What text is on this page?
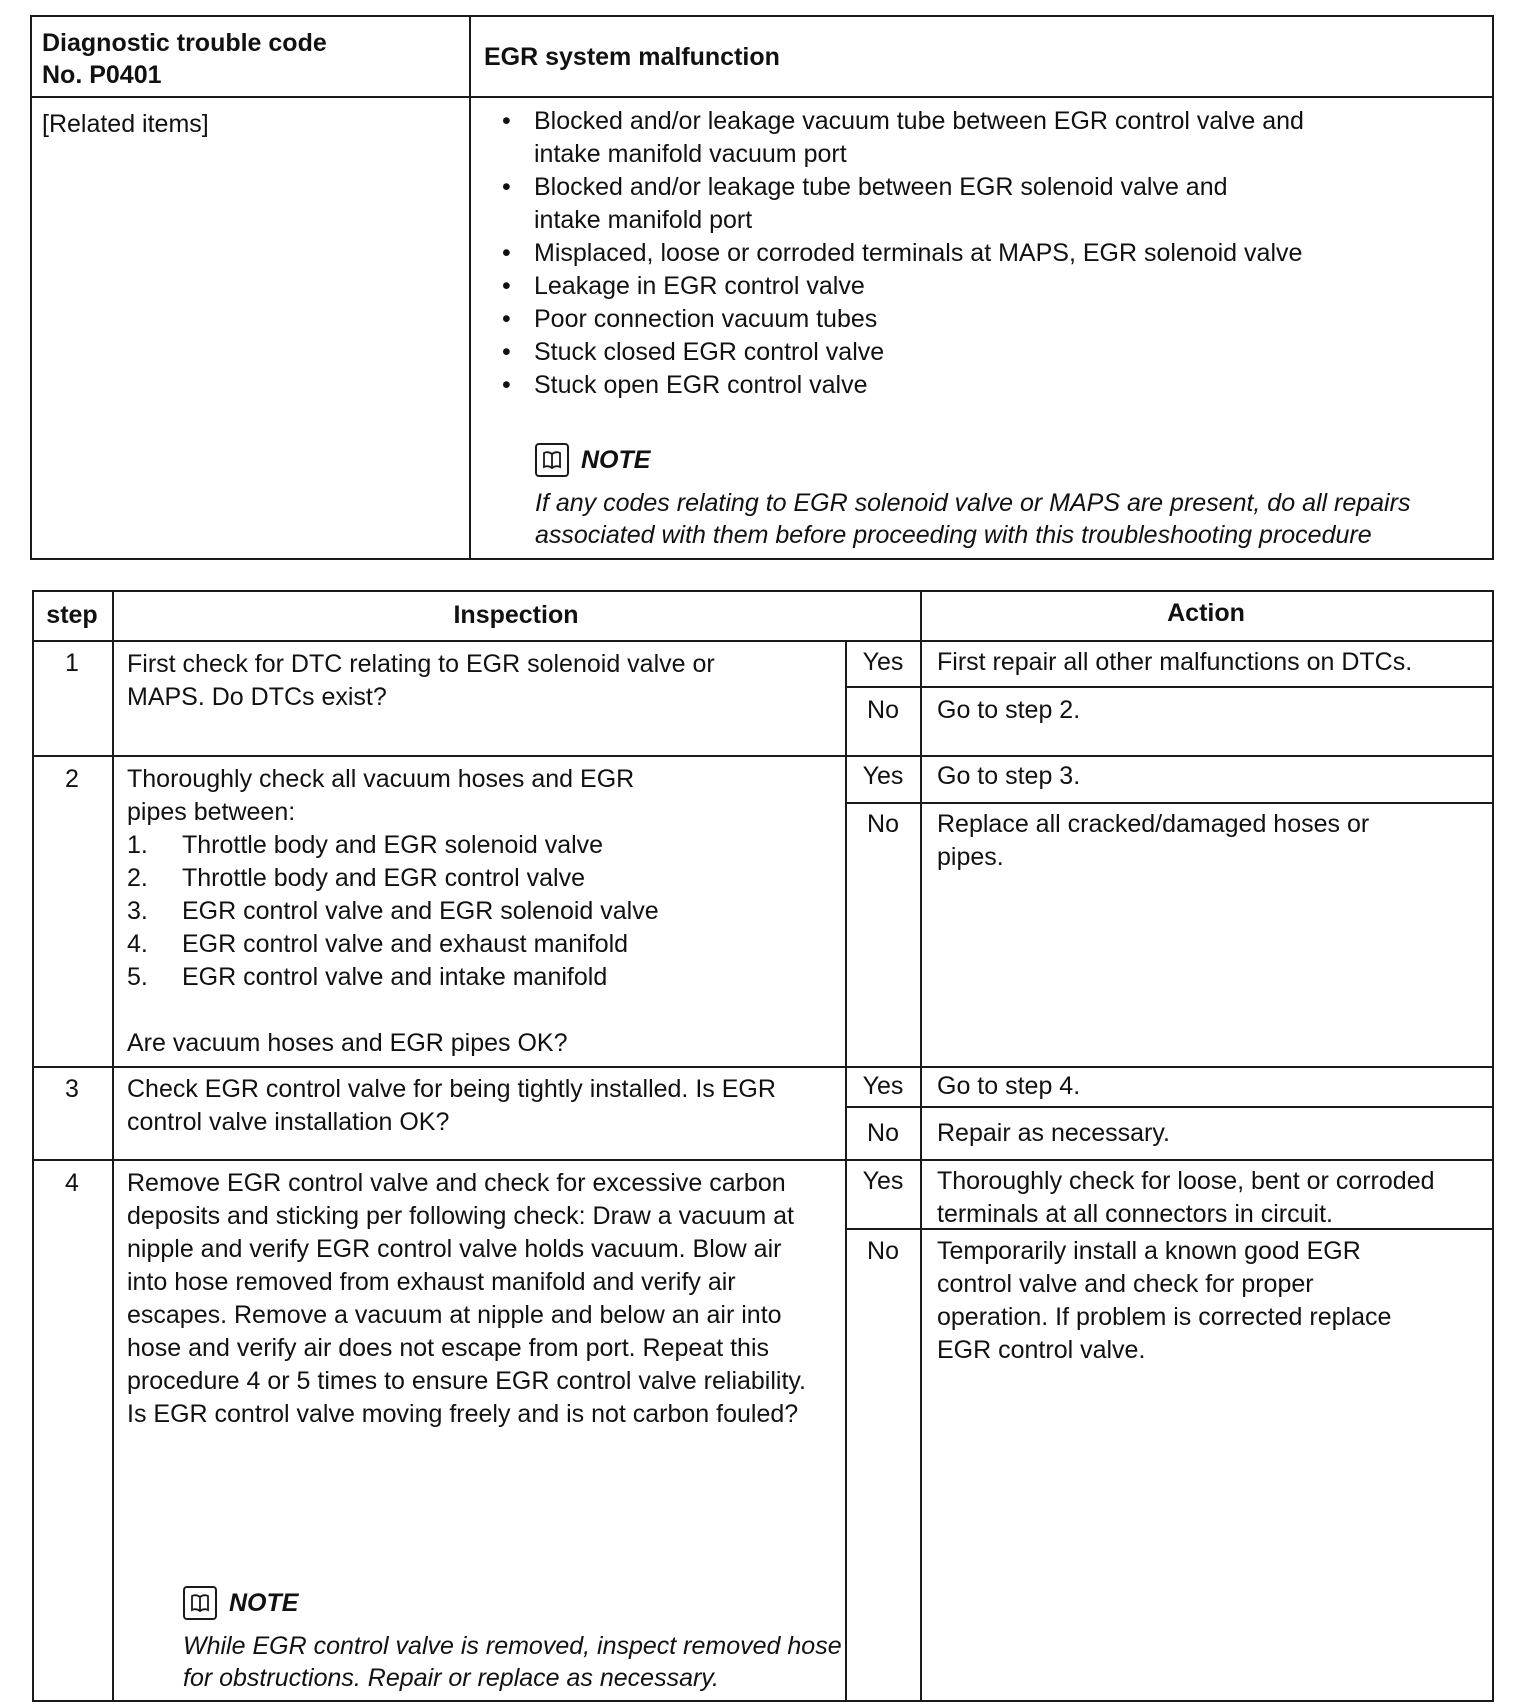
Diagnostic trouble code
No. P0401
EGR system malfunction
[Related items]
•	Blocked and/or leakage vacuum tube between EGR control valve and intake manifold vacuum port
• Blocked and/or leakage tube between EGR solenoid valve and intake manifold port
• Misplaced, loose or corroded terminals at MAPS, EGR solenoid valve
• Leakage in EGR control valve
• Poor connection vacuum tubes
• Stuck closed EGR control valve
• Stuck open EGR control valve
NOTE
If any codes relating to EGR solenoid valve or MAPS are present, do all repairs associated with them before proceeding with this troubleshooting procedure
step	Inspection	Action
1	First check for DTC relating to EGR solenoid valve or MAPS. Do DTCs exist?
Yes	First repair all other malfunctions on DTCs.
No	Go to step 2.
2	Thoroughly check all vacuum hoses and EGR pipes between:
1.	Throttle body and EGR solenoid valve
2.	Throttle body and EGR control valve
3.	EGR control valve and EGR solenoid valve
4.	EGR control valve and exhaust manifold
5.	EGR control valve and intake manifold
Are vacuum hoses and EGR pipes OK?
Yes	Go to step 3.
No	Replace all cracked/damaged hoses or pipes.
3	Check EGR control valve for being tightly installed. Is EGR control valve installation OK?
Yes	Go to step 4.
No	Repair as necessary.
4	Remove EGR control valve and check for excessive carbon deposits and sticking per following check: Draw a vacuum at nipple and verify EGR control valve holds vacuum. Blow air into hose removed from exhaust manifold and verify air escapes. Remove a vacuum at nipple and below an air into hose and verify air does not escape from port. Repeat this procedure 4 or 5 times to ensure EGR control valve reliability. Is EGR control valve moving freely and is not carbon fouled?
NOTE
While EGR control valve is removed, inspect removed hose for obstructions. Repair or replace as necessary.
Yes	Thoroughly check for loose, bent or corroded terminals at all connectors in circuit.
No	Temporarily install a known good EGR control valve and check for proper operation. If problem is corrected replace EGR control valve.
